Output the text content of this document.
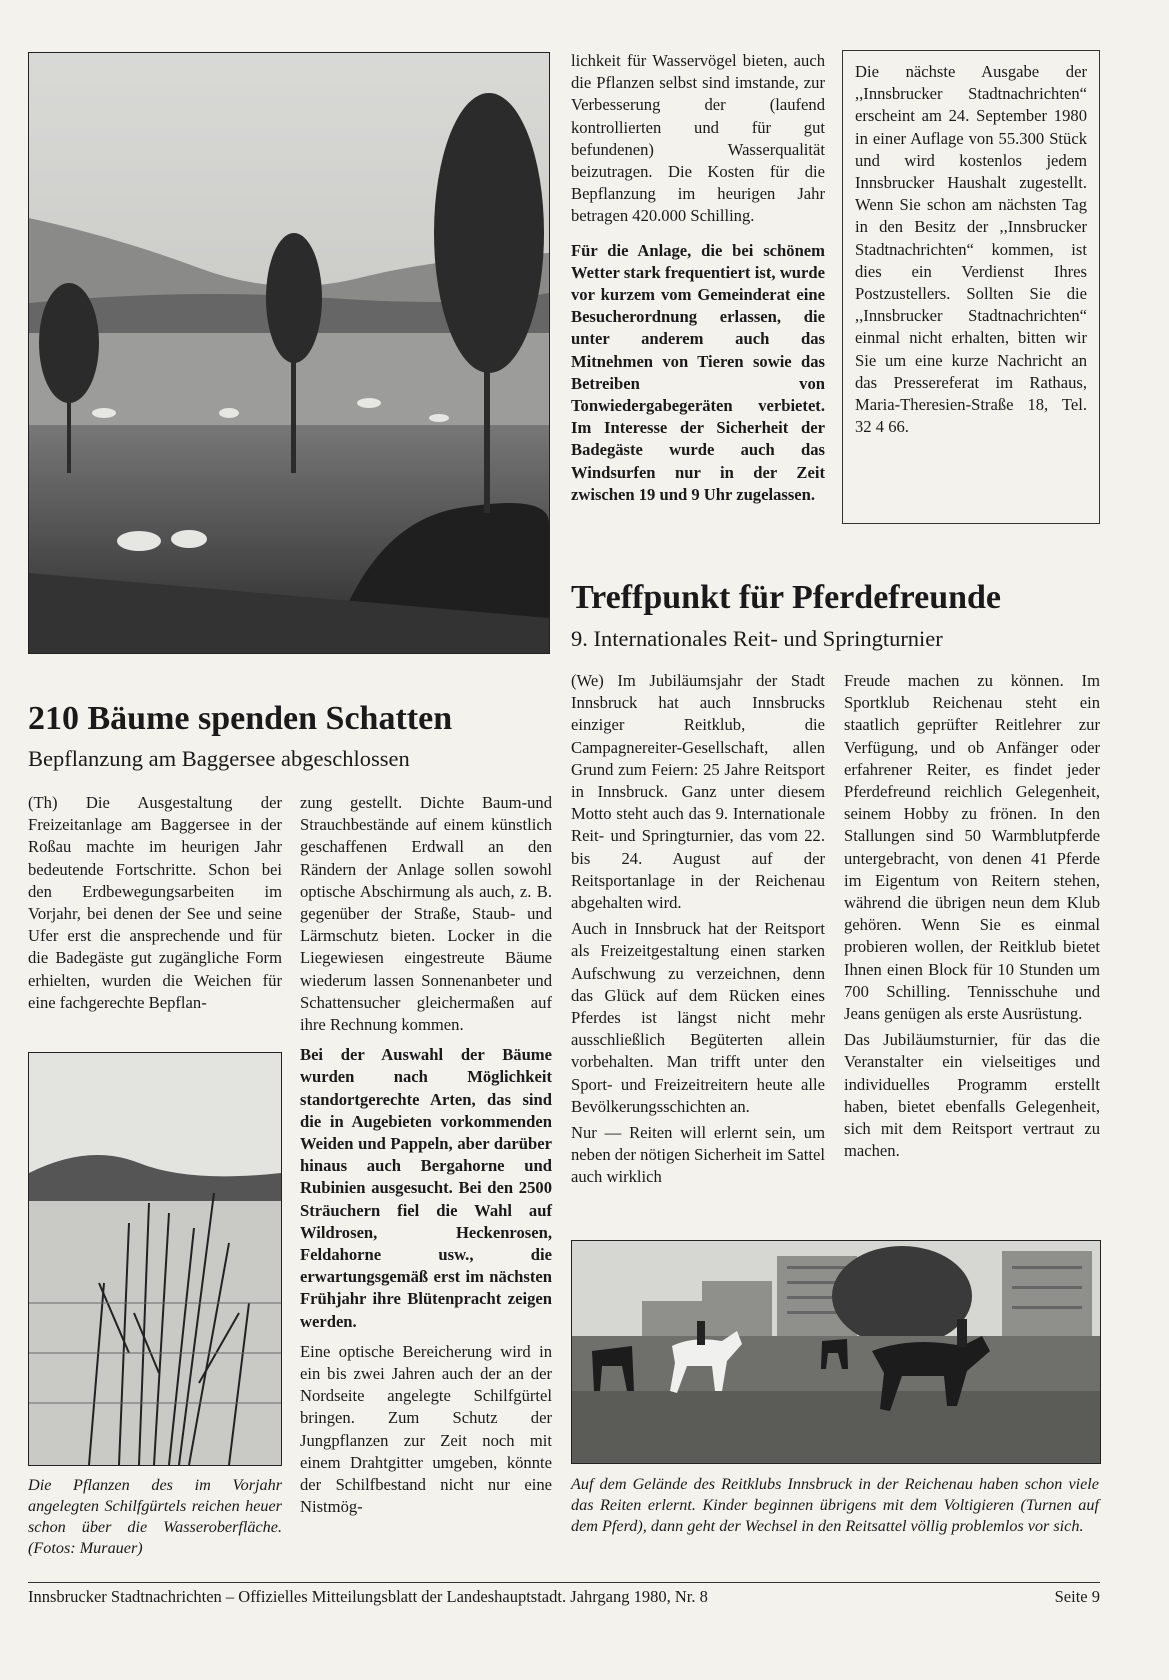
lichkeit für Wasservögel bieten, auch die Pflanzen selbst sind imstande, zur Verbesserung der (laufend kontrollierten und für gut befundenen) Wasserqualität beizutragen. Die Kosten für die Bepflanzung im heurigen Jahr betragen 420.000 Schilling.

Für die Anlage, die bei schönem Wetter stark frequentiert ist, wurde vor kurzem vom Gemeinderat eine Besucherordnung erlassen, die unter anderem auch das Mitnehmen von Tieren sowie das Betreiben von Tonwiedergabegeräten verbietet. Im Interesse der Sicherheit der Badegäste wurde auch das Windsurfen nur in der Zeit zwischen 19 und 9 Uhr zugelassen.

Die nächste Ausgabe der ,,Innsbrucker Stadtnachrichten“ erscheint am 24. September 1980 in einer Auflage von 55.300 Stück und wird kostenlos jedem Innsbrucker Haushalt zugestellt. Wenn Sie schon am nächsten Tag in den Besitz der ,,Innsbrucker Stadtnachrichten“ kommen, ist dies ein Verdienst Ihres Postzustellers. Sollten Sie die ,,Innsbrucker Stadtnachrichten“ einmal nicht erhalten, bitten wir Sie um eine kurze Nachricht an das Pressereferat im Rathaus, Maria-Theresien-Straße 18, Tel. 32 4 66.

Treffpunkt für Pferdefreunde
9. Internationales Reit- und Springturnier
210 Bäume spenden Schatten
Bepflanzung am Baggersee abgeschlossen

(Th) Die Ausgestaltung der Freizeitanlage am Baggersee in der Roßau machte im heurigen Jahr bedeutende Fortschritte. Schon bei den Erdbewegungsarbeiten im Vorjahr, bei denen der See und seine Ufer erst die ansprechende und für die Badegäste gut zugängliche Form erhielten, wurden die Weichen für eine fachgerechte Bepflan-

Die Pflanzen des im Vorjahr angelegten Schilfgürtels reichen heuer schon über die Wasseroberfläche. (Fotos: Murauer)

zung gestellt. Dichte Baum-und Strauchbestände auf einem künstlich geschaffenen Erdwall an den Rändern der Anlage sollen sowohl optische Abschirmung als auch, z. B. gegenüber der Straße, Staub- und Lärmschutz bieten. Locker in die Liegewiesen eingestreute Bäume wiederum lassen Sonnenanbeter und Schattensucher gleichermaßen auf ihre Rechnung kommen.

Bei der Auswahl der Bäume wurden nach Möglichkeit standortgerechte Arten, das sind die in Augebieten vorkommenden Weiden und Pappeln, aber darüber hinaus auch Bergahorne und Rubinien ausgesucht. Bei den 2500 Sträuchern fiel die Wahl auf Wildrosen, Heckenrosen, Feldahorne usw., die erwartungsgemäß erst im nächsten Frühjahr ihre Blütenpracht zeigen werden.

Eine optische Bereicherung wird in ein bis zwei Jahren auch der an der Nordseite angelegte Schilfgürtel bringen. Zum Schutz der Jungpflanzen zur Zeit noch mit einem Drahtgitter umgeben, könnte der Schilfbestand nicht nur eine Nistmög-

(We) Im Jubiläumsjahr der Stadt Innsbruck hat auch Innsbrucks einziger Reitklub, die Campagnereiter-Gesellschaft, allen Grund zum Feiern: 25 Jahre Reitsport in Innsbruck. Ganz unter diesem Motto steht auch das 9. Internationale Reit- und Springturnier, das vom 22. bis 24. August auf der Reitsportanlage in der Reichenau abgehalten wird.

Auch in Innsbruck hat der Reitsport als Freizeitgestaltung einen starken Aufschwung zu verzeichnen, denn das Glück auf dem Rücken eines Pferdes ist längst nicht mehr ausschließlich Begüterten allein vorbehalten. Man trifft unter den Sport- und Freizeitreitern heute alle Bevölkerungsschichten an.

Nur — Reiten will erlernt sein, um neben der nötigen Sicherheit im Sattel auch wirklich

Freude machen zu können. Im Sportklub Reichenau steht ein staatlich geprüfter Reitlehrer zur Verfügung, und ob Anfänger oder erfahrener Reiter, es findet jeder Pferdefreund reichlich Gelegenheit, seinem Hobby zu frönen. In den Stallungen sind 50 Warmblutpferde untergebracht, von denen 41 Pferde im Eigentum von Reitern stehen, während die übrigen neun dem Klub gehören. Wenn Sie es einmal probieren wollen, der Reitklub bietet Ihnen einen Block für 10 Stunden um 700 Schilling. Tennisschuhe und Jeans genügen als erste Ausrüstung.

Das Jubiläumsturnier, für das die Veranstalter ein vielseitiges und individuelles Programm erstellt haben, bietet ebenfalls Gelegenheit, sich mit dem Reitsport vertraut zu machen.

Auf dem Gelände des Reitklubs Innsbruck in der Reichenau haben schon viele das Reiten erlernt. Kinder beginnen übrigens mit dem Voltigieren (Turnen auf dem Pferd), dann geht der Wechsel in den Reitsattel völlig problemlos vor sich.
Innsbrucker Stadtnachrichten – Offizielles Mitteilungsblatt der Landeshauptstadt. Jahrgang 1980, Nr. 8	Seite 9
